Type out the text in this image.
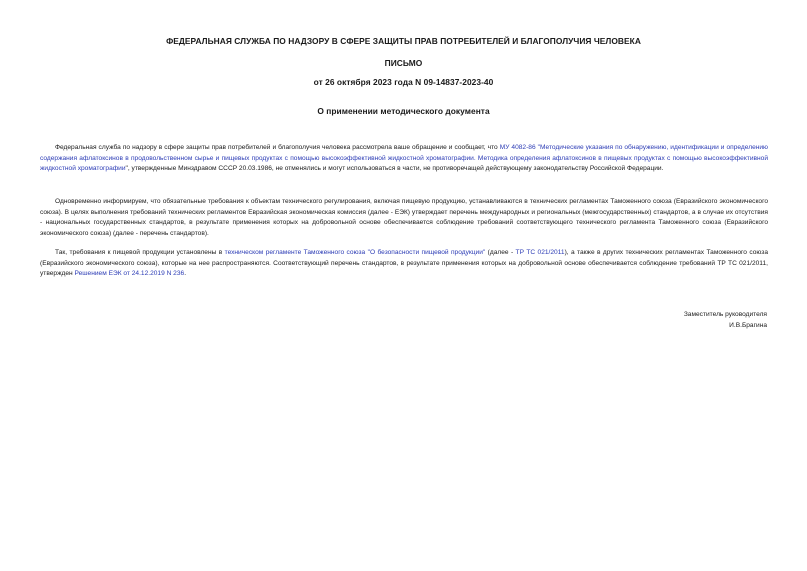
ФЕДЕРАЛЬНАЯ СЛУЖБА ПО НАДЗОРУ В СФЕРЕ ЗАЩИТЫ ПРАВ ПОТРЕБИТЕЛЕЙ И БЛАГОПОЛУЧИЯ ЧЕЛОВЕКА
ПИСЬМО
от 26 октября 2023 года N 09-14837-2023-40
О применении методического документа
Федеральная служба по надзору в сфере защиты прав потребителей и благополучия человека рассмотрела ваше обращение и сообщает, что МУ 4082-86 "Методические указания по обнаружению, идентификации и определению содержания афлатоксинов в продовольственном сырье и пищевых продуктах с помощью высокоэффективной жидкостной хроматографии. Методика определения афлатоксинов в пищевых продуктах с помощью высокоэффективной жидкостной хроматографии", утвержденные Минздравом СССР 20.03.1986, не отменялись и могут использоваться в части, не противоречащей действующему законодательству Российской Федерации.
Одновременно информируем, что обязательные требования к объектам технического регулирования, включая пищевую продукцию, устанавливаются в технических регламентах Таможенного союза (Евразийского экономического союза). В целях выполнения требований технических регламентов Евразийская экономическая комиссия (далее - ЕЭК) утверждает перечень международных и региональных (межгосударственных) стандартов, а в случае их отсутствия - национальных государственных стандартов, в результате применения которых на добровольной основе обеспечивается соблюдение требований соответствующего технического регламента Таможенного союза (Евразийского экономического союза) (далее - перечень стандартов).
Так, требования к пищевой продукции установлены в техническом регламенте Таможенного союза "О безопасности пищевой продукции" (далее - ТР ТС 021/2011), а также в других технических регламентах Таможенного союза (Евразийского экономического союза), которые на нее распространяются. Соответствующий перечень стандартов, в результате применения которых на добровольной основе обеспечивается соблюдение требований ТР ТС 021/2011, утвержден Решением ЕЭК от 24.12.2019 N 236.
Заместитель руководителя
И.В.Брагина
